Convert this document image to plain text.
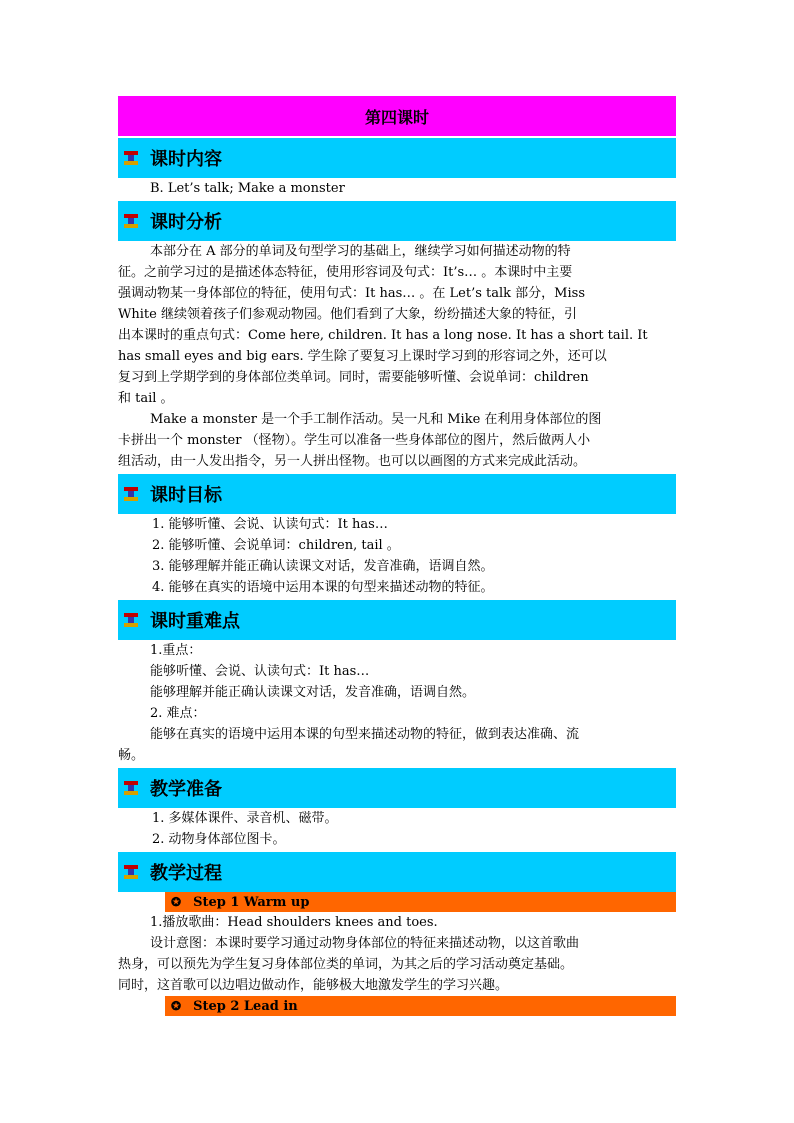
第四课时
课时内容
B. Let’s talk; Make a monster
课时分析
本部分在 A 部分的单词及句型学习的基础上，继续学习如何描述动物的特
征。之前学习过的是描述体态特征，使用形容词及句式：It’s… 。本课时中主要
强调动物某一身体部位的特征，使用句式：It has… 。在 Let’s talk 部分，Miss
White 继续领着孩子们参观动物园。他们看到了大象，纷纷描述大象的特征，引
出本课时的重点句式：Come here, children. It has a long nose. It has a short tail. It
has small eyes and big ears. 学生除了要复习上课时学习到的形容词之外，还可以
复习到上学期学到的身体部位类单词。同时，需要能够听懂、会说单词：children
和 tail 。
Make a monster 是一个手工制作活动。吴一凡和 Mike 在利用身体部位的图
卡拼出一个 monster （怪物）。学生可以准备一些身体部位的图片，然后做两人小
组活动，由一人发出指令，另一人拼出怪物。也可以以画图的方式来完成此活动。
课时目标
1. 能够听懂、会说、认读句式：It has…
2. 能够听懂、会说单词：children, tail 。
3. 能够理解并能正确认读课文对话，发音准确，语调自然。
4. 能够在真实的语境中运用本课的句型来描述动物的特征。
课时重难点
1.重点：
能够听懂、会说、认读句式：It has…
能够理解并能正确认读课文对话，发音准确，语调自然。
2. 难点：
能够在真实的语境中运用本课的句型来描述动物的特征，做到表达准确、流
畅。
教学准备
1. 多媒体课件、录音机、磁带。
2. 动物身体部位图卡。
教学过程
✪ Step 1 Warm up
1.播放歌曲：Head shoulders knees and toes.
设计意图：本课时要学习通过动物身体部位的特征来描述动物，以这首歌曲
热身，可以预先为学生复习身体部位类的单词，为其之后的学习活动奠定基础。
同时，这首歌可以边唱边做动作，能够极大地激发学生的学习兴趣。
✪ Step 2 Lead in
